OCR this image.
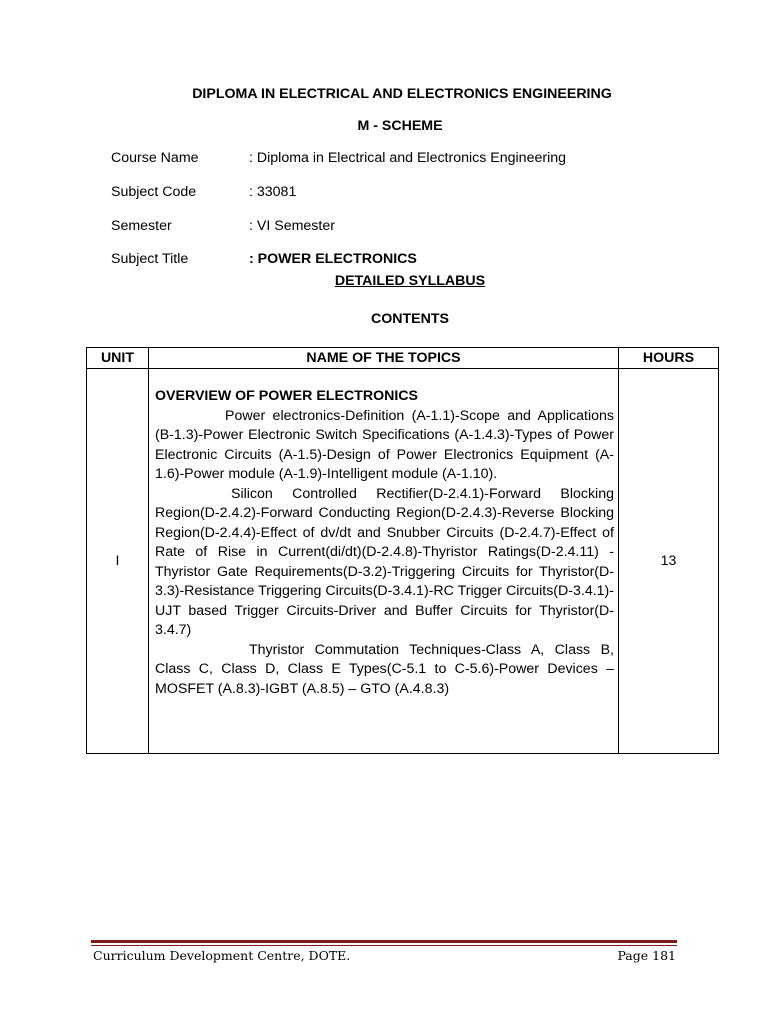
DIPLOMA IN ELECTRICAL AND ELECTRONICS ENGINEERING
M - SCHEME
Course Name	: Diploma in Electrical and Electronics Engineering
Subject Code	: 33081
Semester	: VI Semester
Subject Title	: POWER ELECTRONICS
DETAILED SYLLABUS
CONTENTS
UNIT	NAME OF THE TOPICS	HOURS
I	OVERVIEW OF POWER ELECTRONICS

Power electronics-Definition (A-1.1)-Scope and Applications (B-1.3)-Power Electronic Switch Specifications (A-1.4.3)-Types of Power Electronic Circuits (A-1.5)-Design of Power Electronics Equipment (A-1.6)-Power module (A-1.9)-Intelligent module (A-1.10).

Silicon Controlled Rectifier(D-2.4.1)-Forward Blocking Region(D-2.4.2)-Forward Conducting Region(D-2.4.3)-Reverse Blocking Region(D-2.4.4)-Effect of dv/dt and Snubber Circuits (D-2.4.7)-Effect of Rate of Rise in Current(di/dt)(D-2.4.8)-Thyristor Ratings(D-2.4.11) -Thyristor Gate Requirements(D-3.2)-Triggering Circuits for Thyristor(D-3.3)-Resistance Triggering Circuits(D-3.4.1)-RC Trigger Circuits(D-3.4.1)-UJT based Trigger Circuits-Driver and Buffer Circuits for Thyristor(D-3.4.7)

Thyristor Commutation Techniques-Class A, Class B, Class C, Class D, Class E Types(C-5.1 to C-5.6)-Power Devices – MOSFET (A.8.3)-IGBT (A.8.5) – GTO (A.4.8.3)	13
Curriculum Development Centre, DOTE.	Page 181
